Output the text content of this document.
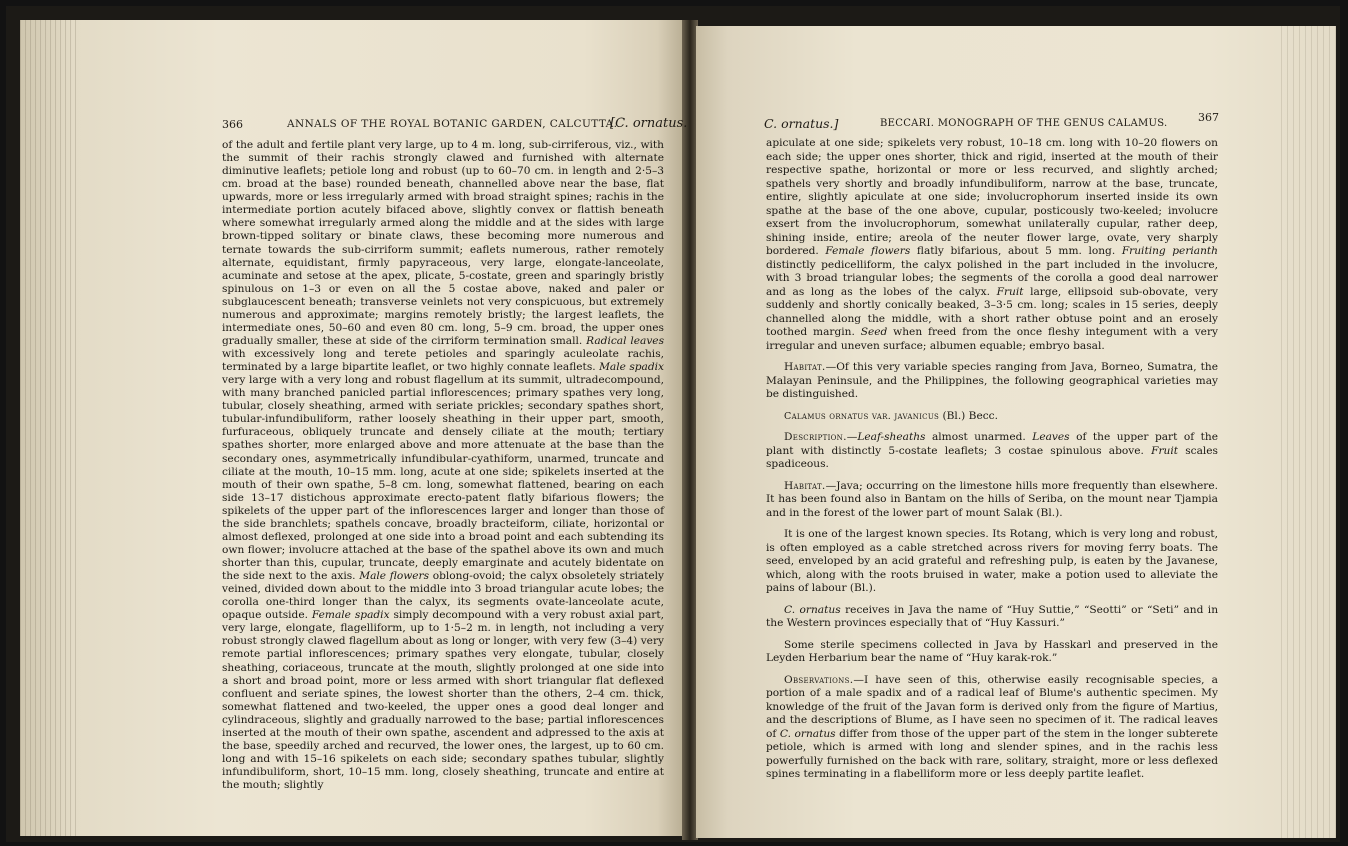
366	ANNALS OF THE ROYAL BOTANIC GARDEN, CALCUTTA.
[C. ornatus.

of the adult and fertile plant very large, up to 4 m. long, sub-cirriferous, viz., with the summit of their rachis strongly clawed and furnished with alternate diminutive leaflets; petiole long and robust (up to 60–70 cm. in length and 2·5–3 cm. broad at the base) rounded beneath, channelled above near the base, flat upwards, more or less irregularly armed with broad straight spines; rachis in the intermediate portion acutely bifaced above, slightly convex or flattish beneath where somewhat irregularly armed along the middle and at the sides with large brown-tipped solitary or binate claws, these becoming more numerous and ternate towards the sub-cirriform summit; eaflets numerous, rather remotely alternate, equidistant, firmly papyraceous, very large, elongate-lanceolate, acuminate and setose at the apex, plicate, 5-costate, green and sparingly bristly spinulous on 1–3 or even on all the 5 costae above, naked and paler or subglaucescent beneath; transverse veinlets not very conspicuous, but extremely numerous and approximate; margins remotely bristly; the largest leaflets, the intermediate ones, 50–60 and even 80 cm. long, 5–9 cm. broad, the upper ones gradually smaller, these at side of the cirriform termination small. Radical leaves with excessively long and terete petioles and sparingly aculeolate rachis, terminated by a large bipartite leaflet, or two highly connate leaflets. Male spadix very large with a very long and robust flagellum at its summit, ultradecompound, with many branched panicled partial inflorescences; primary spathes very long, tubular, closely sheathing, armed with seriate prickles; secondary spathes short, tubular-infundibuliform, rather loosely sheathing in their upper part, smooth, furfuraceous, obliquely truncate and densely ciliate at the mouth; tertiary spathes shorter, more enlarged above and more attenuate at the base than the secondary ones, asymmetrically infundibular-cyathiform, unarmed, truncate and ciliate at the mouth, 10–15 mm. long, acute at one side; spikelets inserted at the mouth of their own spathe, 5–8 cm. long, somewhat flattened, bearing on each side 13–17 distichous approximate erecto-patent flatly bifarious flowers; the spikelets of the upper part of the inflorescences larger and longer than those of the side branchlets; spathels concave, broadly bracteiform, ciliate, horizontal or almost deflexed, prolonged at one side into a broad point and each subtending its own flower; involucre attached at the base of the spathel above its own and much shorter than this, cupular, truncate, deeply emarginate and acutely bidentate on the side next to the axis. Male flowers oblong-ovoid; the calyx obsoletely striately veined, divided down about to the middle into 3 broad triangular acute lobes; the corolla one-third longer than the calyx, its segments ovate-lanceolate acute, opaque outside. Female spadix simply decompound with a very robust axial part, very large, elongate, flagelliform, up to 1·5–2 m. in length, not including a very robust strongly clawed flagellum about as long or longer, with very few (3–4) very remote partial inflorescences; primary spathes very elongate, tubular, closely sheathing, coriaceous, truncate at the mouth, slightly prolonged at one side into a short and broad point, more or less armed with short triangular flat deflexed confluent and seriate spines, the lowest shorter than the others, 2–4 cm. thick, somewhat flattened and two-keeled, the upper ones a good deal longer and cylindraceous, slightly and gradually narrowed to the base; partial inflorescences inserted at the mouth of their own spathe, ascendent and adpressed to the axis at the base, speedily arched and recurved, the lower ones, the largest, up to 60 cm. long and with 15–16 spikelets on each side; secondary spathes tubular, slightly infundibuliform, short, 10–15 mm. long, closely sheathing, truncate and entire at the mouth; slightly

C. ornatus.]	BECCARI. MONOGRAPH OF THE GENUS CALAMUS.	367

apiculate at one side; spikelets very robust, 10–18 cm. long with 10–20 flowers on each side; the upper ones shorter, thick and rigid, inserted at the mouth of their respective spathe, horizontal or more or less recurved, and slightly arched; spathels very shortly and broadly infundibuliform, narrow at the base, truncate, entire, slightly apiculate at one side; involucrophorum inserted inside its own spathe at the base of the one above, cupular, posticously two-keeled; involucre exsert from the involucrophorum, somewhat unilaterally cupular, rather deep, shining inside, entire; areola of the neuter flower large, ovate, very sharply bordered. Female flowers flatly bifarious, about 5 mm. long. Fruiting perianth distinctly pedicelliform, the calyx polished in the part included in the involucre, with 3 broad triangular lobes; the segments of the corolla a good deal narrower and as long as the lobes of the calyx. Fruit large, ellipsoid sub-obovate, very suddenly and shortly conically beaked, 3–3·5 cm. long; scales in 15 series, deeply channelled along the middle, with a short rather obtuse point and an erosely toothed margin. Seed when freed from the once fleshy integument with a very irregular and uneven surface; albumen equable; embryo basal.

Habitat.—Of this very variable species ranging from Java, Borneo, Sumatra, the Malayan Peninsule, and the Philippines, the following geographical varieties may be distinguished.

Calamus ornatus var. javanicus (Bl.) Becc.

Description.—Leaf-sheaths almost unarmed. Leaves of the upper part of the plant with distinctly 5-costate leaflets; 3 costae spinulous above. Fruit scales spadiceous.

Habitat.—Java; occurring on the limestone hills more frequently than elsewhere. It has been found also in Bantam on the hills of Seriba, on the mount near Tjampia and in the forest of the lower part of mount Salak (Bl.).

It is one of the largest known species. Its Rotang, which is very long and robust, is often employed as a cable stretched across rivers for moving ferry boats. The seed, enveloped by an acid grateful and refreshing pulp, is eaten by the Javanese, which, along with the roots bruised in water, make a potion used to alleviate the pains of labour (Bl.).

C. ornatus receives in Java the name of “Huy Suttie,” “Seotti” or “Seti” and in the Western provinces especially that of “Huy Kassuri.”

Some sterile specimens collected in Java by Hasskarl and preserved in the Leyden Herbarium bear the name of “Huy karak-rok.”

Observations.—I have seen of this, otherwise easily recognisable species, a portion of a male spadix and of a radical leaf of Blume's authentic specimen. My knowledge of the fruit of the Javan form is derived only from the figure of Martius, and the descriptions of Blume, as I have seen no specimen of it. The radical leaves of C. ornatus differ from those of the upper part of the stem in the longer subterete petiole, which is armed with long and slender spines, and in the rachis less powerfully furnished on the back with rare, solitary, straight, more or less deflexed spines terminating in a flabelliform more or less deeply partite leaflet.
